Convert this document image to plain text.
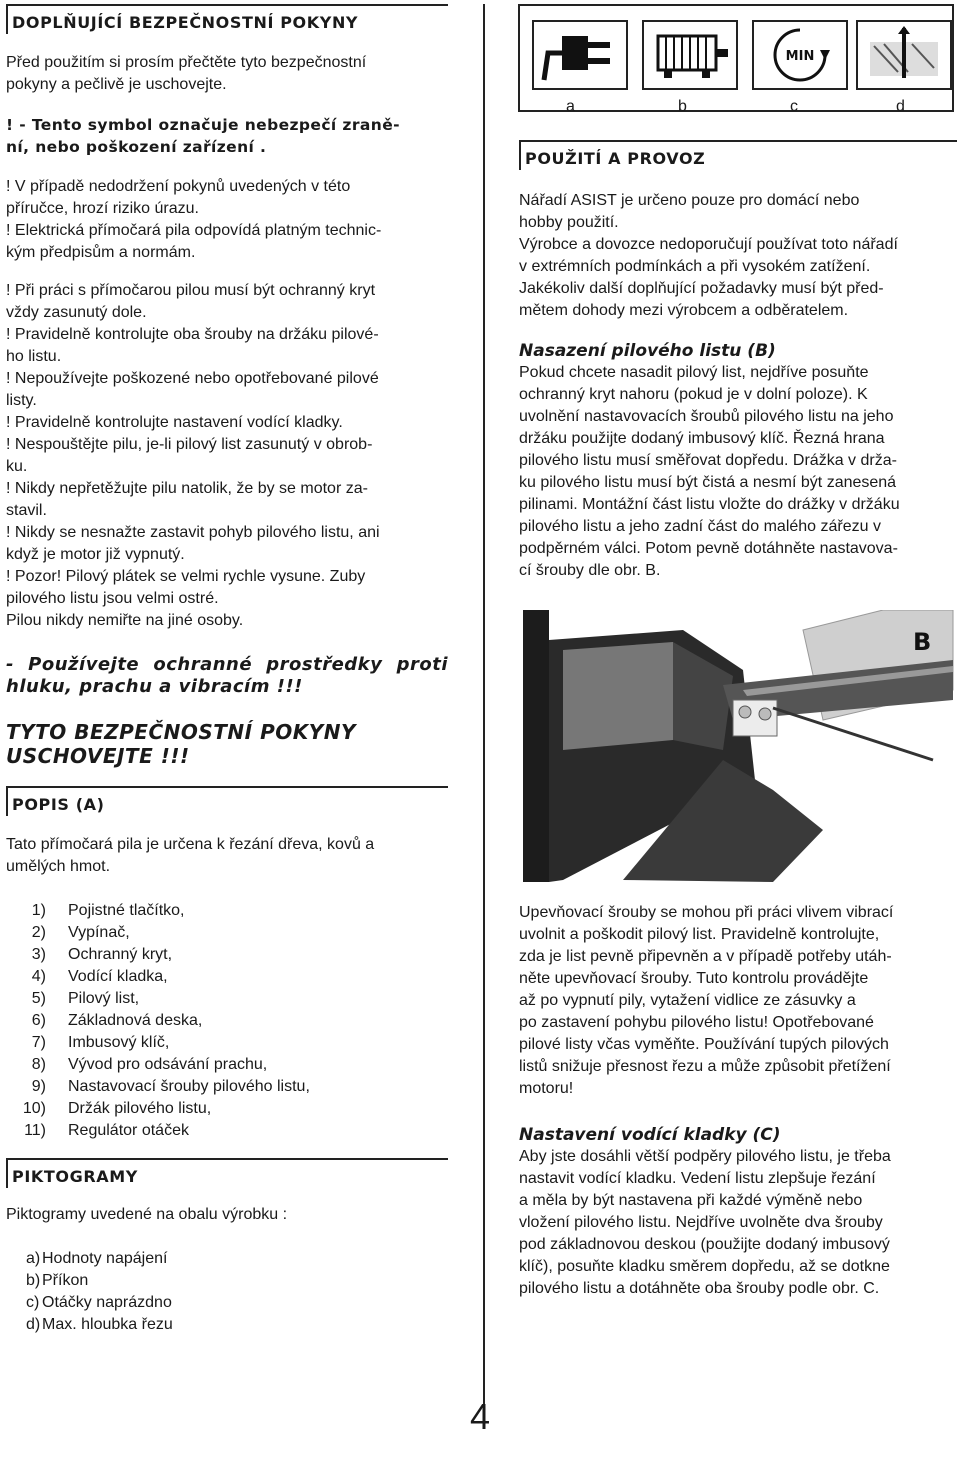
DOPLŇUJÍCÍ BEZPEČNOSTNÍ POKYNY

Před použitím si prosím přečtěte tyto bezpečnostní

pokyny a pečlivě je uschovejte.

! - Tento symbol označuje nebezpečí zraně-

ní, nebo poškození zařízení .

! V případě nedodržení pokynů uvedených v této

příručce, hrozí riziko úrazu.

! Elektrická přímočará pila odpovídá platným technic-

kým předpisům a normám.

! Při práci s přímočarou pilou musí být ochranný kryt

vždy zasunutý dole.

! Pravidelně kontrolujte oba šrouby na držáku pilové-

ho listu.

! Nepoužívejte poškozené nebo opotřebované pilové

listy.

! Pravidelně kontrolujte nastavení vodící kladky.

! Nespouštějte pilu, je-li pilový list zasunutý v obrob-

ku.

! Nikdy nepřetěžujte pilu natolik, že by se motor za-

stavil.

! Nikdy se nesnažte zastavit pohyb pilového listu, ani

když je motor již vypnutý.

! Pozor! Pilový plátek se velmi rychle vysune. Zuby

pilového listu jsou velmi ostré.

Pilou nikdy nemiřte na jiné osoby.

- Používejte ochranné prostředky proti
hluku, prachu a vibracím !!!
TYTO BEZPEČNOSTNÍ POKYNY
USCHOVEJTE !!!
POPIS (A)

Tato přímočará pila je určena k řezání dřeva, kovů a

umělých hmot.

1)	Pojistné tlačítko,
2)	Vypínač,
3)	Ochranný kryt,
4)	Vodící kladka,
5)	Pilový list,
6)	Základnová deska,
7)	Imbusový klíč,
8)	Vývod pro odsávání prachu,
9)	Nastavovací šrouby pilového listu,
10)	Držák pilového listu,
11)	Regulátor otáček
PIKTOGRAMY

Piktogramy uvedené na obalu výrobku :

a) Hodnoty napájení
b) Příkon
c) Otáčky naprázdno
d) Max. hloubka řezu
MIN
a	b	c	d
POUŽITÍ A PROVOZ

Nářadí ASIST je určeno pouze pro domácí nebo

hobby použití.

Výrobce a dovozce nedoporučují používat toto nářadí

v extrémních podmínkách a při vysokém zatížení.

Jakékoliv další doplňující požadavky musí být před-

mětem dohody mezi výrobcem a odběratelem.

Nasazení pilového listu (B)

Pokud chcete nasadit pilový list, nejdříve posuňte

ochranný kryt nahoru (pokud je v dolní poloze). K

uvolnění nastavovacích šroubů pilového listu na jeho

držáku použijte dodaný imbusový klíč. Řezná hrana

pilového listu musí směřovat dopředu. Drážka v drža-

ku pilového listu musí být čistá a nesmí být zanesená

pilinami. Montážní část listu vložte do drážky v držáku

pilového listu a jeho zadní část do malého zářezu v

podpěrném válci. Potom pevně dotáhněte nastavova-

cí šrouby dle obr. B.

B

Upevňovací šrouby se mohou při práci vlivem vibrací

uvolnit a poškodit pilový list. Pravidelně kontrolujte,

zda je list pevně připevněn a v případě potřeby utáh-

něte upevňovací šrouby. Tuto kontrolu provádějte

až po vypnutí pily, vytažení vidlice ze zásuvky a

po zastavení pohybu pilového listu! Opotřebované

pilové listy včas vyměňte. Používání tupých pilových

listů snižuje přesnost řezu a může způsobit přetížení

motoru!

Nastavení vodící kladky (C)

Aby jste dosáhli větší podpěry pilového listu, je třeba

nastavit vodící kladku. Vedení listu zlepšuje řezání

a měla by být nastavena při každé výměně nebo

vložení pilového listu. Nejdříve uvolněte dva šrouby

pod základnovou deskou (použijte dodaný imbusový

klíč), posuňte kladku směrem dopředu, až se dotkne

pilového listu a dotáhněte oba šrouby podle obr. C.

4
